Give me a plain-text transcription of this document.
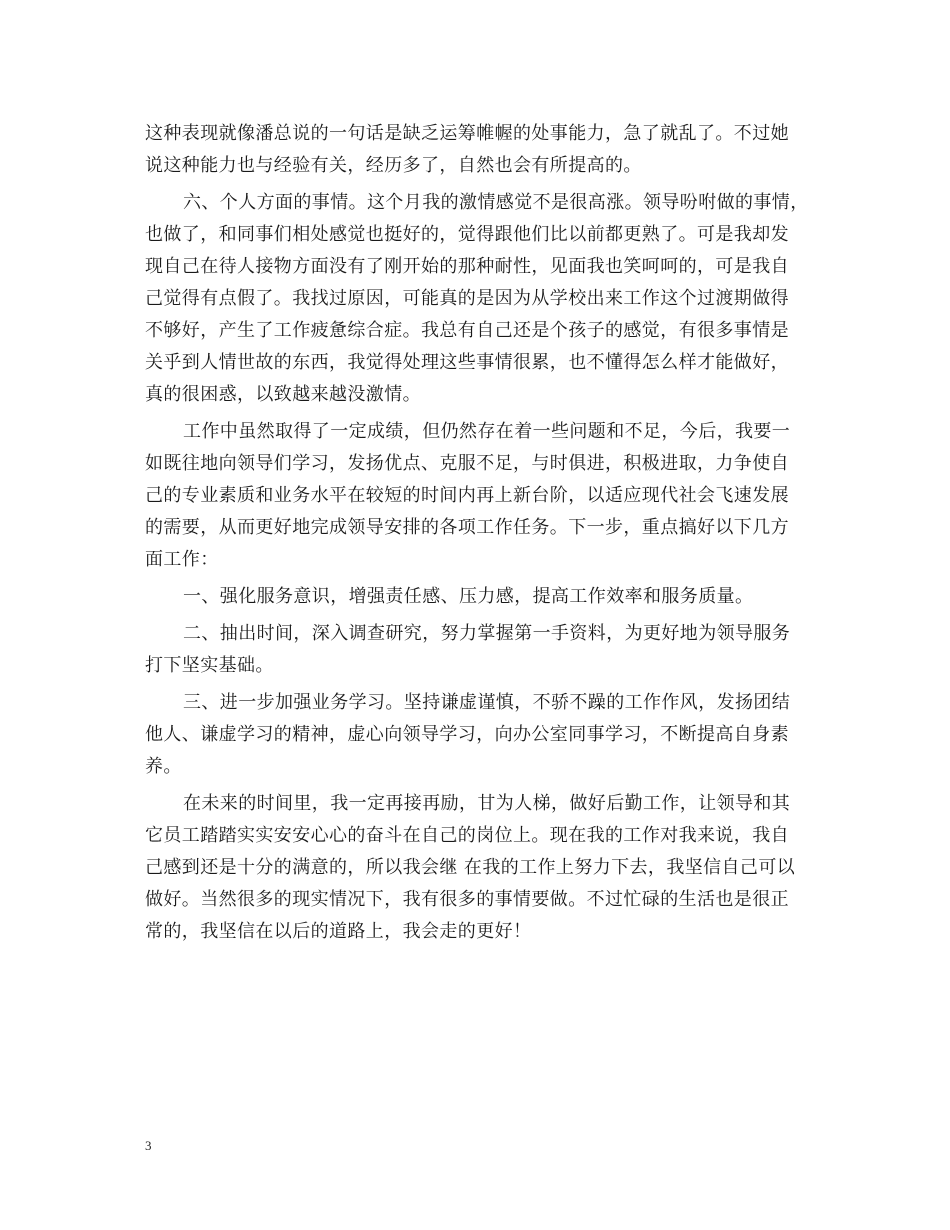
这种表现就像潘总说的一句话是缺乏运筹帷幄的处事能力，急了就乱了。不过她
说这种能力也与经验有关，经历多了，自然也会有所提高的。
六、个人方面的事情。这个月我的激情感觉不是很高涨。领导吩咐做的事情，
也做了，和同事们相处感觉也挺好的，觉得跟他们比以前都更熟了。可是我却发
现自己在待人接物方面没有了刚开始的那种耐性，见面我也笑呵呵的，可是我自
己觉得有点假了。我找过原因，可能真的是因为从学校出来工作这个过渡期做得
不够好，产生了工作疲惫综合症。我总有自己还是个孩子的感觉，有很多事情是
关乎到人情世故的东西，我觉得处理这些事情很累，也不懂得怎么样才能做好，
真的很困惑，以致越来越没激情。
工作中虽然取得了一定成绩，但仍然存在着一些问题和不足，今后，我要一
如既往地向领导们学习，发扬优点、克服不足，与时俱进，积极进取，力争使自
己的专业素质和业务水平在较短的时间内再上新台阶，以适应现代社会飞速发展
的需要，从而更好地完成领导安排的各项工作任务。下一步，重点搞好以下几方
面工作：
一、强化服务意识，增强责任感、压力感，提高工作效率和服务质量。
二、抽出时间，深入调查研究，努力掌握第一手资料，为更好地为领导服务
打下坚实基础。
三、进一步加强业务学习。坚持谦虚谨慎，不骄不躁的工作作风，发扬团结
他人、谦虚学习的精神，虚心向领导学习，向办公室同事学习，不断提高自身素
养。
在未来的时间里，我一定再接再励，甘为人梯，做好后勤工作，让领导和其
它员工踏踏实实安安心心的奋斗在自己的岗位上。现在我的工作对我来说，我自
己感到还是十分的满意的，所以我会继 在我的工作上努力下去，我坚信自己可以
做好。当然很多的现实情况下，我有很多的事情要做。不过忙碌的生活也是很正
常的，我坚信在以后的道路上，我会走的更好！
3
